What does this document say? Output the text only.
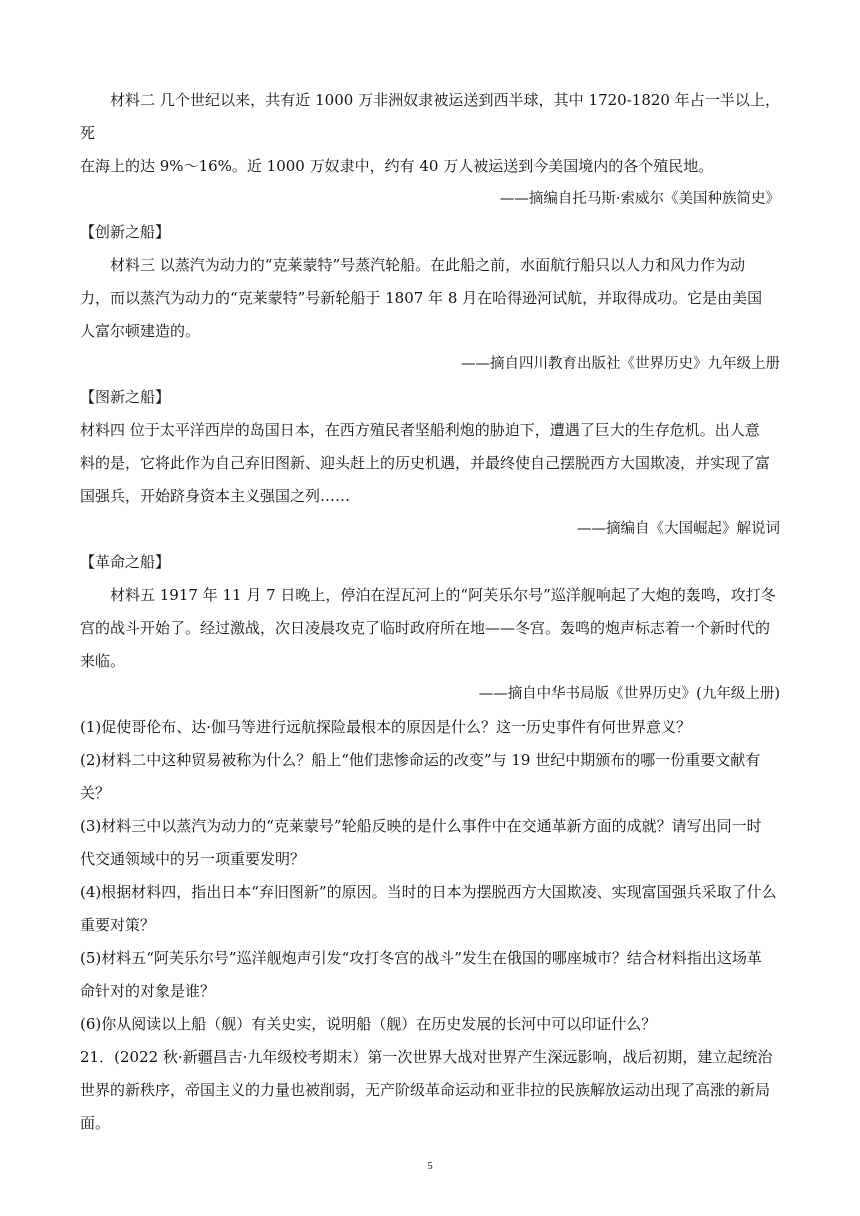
材料二 几个世纪以来，共有近 1000 万非洲奴隶被运送到西半球，其中 1720-1820 年占一半以上，死

在海上的达 9%～16%。近 1000 万奴隶中，约有 40 万人被运送到今美国境内的各个殖民地。

——摘编自托马斯·索威尔《美国种族简史》

【创新之船】

材料三 以蒸汽为动力的“克莱蒙特”号蒸汽轮船。在此船之前，水面航行船只以人力和风力作为动

力，而以蒸汽为动力的“克莱蒙特”号新轮船于 1807 年 8 月在哈得逊河试航，并取得成功。它是由美国

人富尔顿建造的。

——摘自四川教育出版社《世界历史》九年级上册

【图新之船】

材料四 位于太平洋西岸的岛国日本，在西方殖民者坚船利炮的胁迫下，遭遇了巨大的生存危机。出人意

料的是，它将此作为自己弃旧图新、迎头赶上的历史机遇，并最终使自己摆脱西方大国欺凌，并实现了富

国强兵，开始跻身资本主义强国之列……

——摘编自《大国崛起》解说词

【革命之船】

材料五 1917 年 11 月 7 日晚上，停泊在涅瓦河上的“阿芙乐尔号”巡洋舰响起了大炮的轰鸣，攻打冬

宫的战斗开始了。经过激战，次日凌晨攻克了临时政府所在地——冬宫。轰鸣的炮声标志着一个新时代的

来临。

——摘自中华书局版《世界历史》(九年级上册)

(1)促使哥伦布、达·伽马等进行远航探险最根本的原因是什么？这一历史事件有何世界意义？

(2)材料二中这种贸易被称为什么？船上“他们悲惨命运的改变”与 19 世纪中期颁布的哪一份重要文献有

关？

(3)材料三中以蒸汽为动力的“克莱蒙号”轮船反映的是什么事件中在交通革新方面的成就？请写出同一时

代交通领域中的另一项重要发明？

(4)根据材料四，指出日本“弃旧图新”的原因。当时的日本为摆脱西方大国欺凌、实现富国强兵采取了什么

重要对策？

(5)材料五“阿芙乐尔号”巡洋舰炮声引发“攻打冬宫的战斗”发生在俄国的哪座城市？结合材料指出这场革

命针对的对象是谁？

(6)你从阅读以上船（舰）有关史实，说明船（舰）在历史发展的长河中可以印证什么？

21．(2022 秋·新疆昌吉·九年级校考期末）第一次世界大战对世界产生深远影响，战后初期，建立起统治

世界的新秩序，帝国主义的力量也被削弱，无产阶级革命运动和亚非拉的民族解放运动出现了高涨的新局

面。

5
